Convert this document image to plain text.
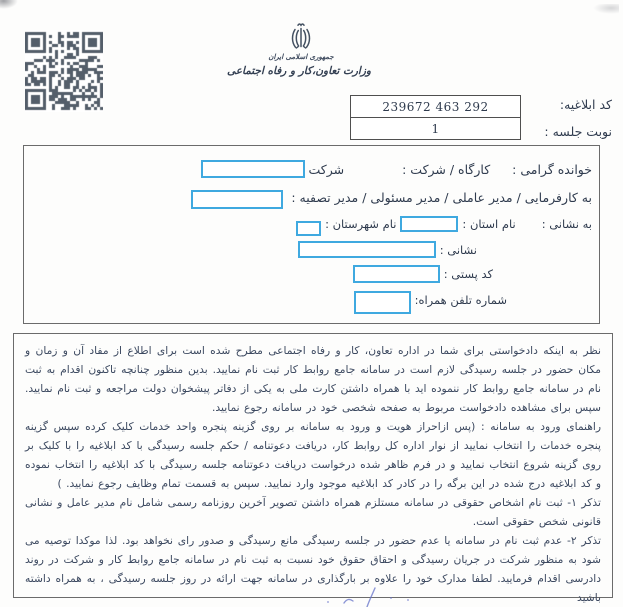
جمهوری اسلامی ایران
وزارت تعاون،کار و رفاه اجتماعی
کد ابلاغیه:
نوبت جلسه :
239672 463 292
1
خوانده گرامی :
کارگاه / شرکت :
شرکت
به کارفرمایی / مدیر عاملی / مدیر مسئولی / مدیر تصفیه :
به نشانی :
نام استان :
نام شهرستان :
نشانی :
کد پستی :
شماره تلفن همراه:

نظر به اینکه دادخواستی برای شما در اداره تعاون، کار و رفاه اجتماعی مطرح شده است برای اطلاع از مفاد آن و زمان و مکان حضور در جلسه رسیدگی لازم است در سامانه جامع روابط کار ثبت نام نمایید. بدین منظور چنانچه تاکنون اقدام به ثبت نام در سامانه جامع روابط کار ننموده اید با همراه داشتن کارت ملی به یکی از دفاتر پیشخوان دولت مراجعه و ثبت نام نمایید. سپس برای مشاهده دادخواست مربوط به صفحه شخصی خود در سامانه رجوع نمایید.

راهنمای ورود به سامانه : (پس ازاحراز هویت و ورود به سامانه بر روی گزینه پنجره واحد خدمات کلیک کرده سپس گزینه پنجره خدمات را انتخاب نمایید از نوار اداره کل روابط کار، دریافت دعوتنامه / حکم جلسه رسیدگی با کد ابلاغیه را با کلیک بر روی گزینه شروع انتخاب نمایید و در فرم ظاهر شده درخواست دریافت دعوتنامه جلسه رسیدگی با کد ابلاغیه را انتخاب نموده و کد ابلاغیه درج شده در این برگه را در کادر کد ابلاغیه موجود وارد نمایید. سپس به قسمت تمام وظایف رجوع نمایید. )

تذکر ۱- ثبت نام اشخاص حقوقی در سامانه مستلزم همراه داشتن تصویر آخرین روزنامه رسمی شامل نام مدیر عامل و نشانی قانونی شخص حقوقی است.

تذکر ۲- عدم ثبت نام در سامانه یا عدم حضور در جلسه رسیدگی مانع رسیدگی و صدور رای نخواهد بود. لذا موکدا توصیه می شود به منظور شرکت در جریان رسیدگی و احقاق حقوق خود نسبت به ثبت نام در سامانه جامع روابط کار و شرکت در روند دادرسی اقدام فرمایید. لطفا مدارک خود را علاوه بر بارگذاری در سامانه جهت ارائه در روز جلسه رسیدگی ، به همراه داشته باشید
